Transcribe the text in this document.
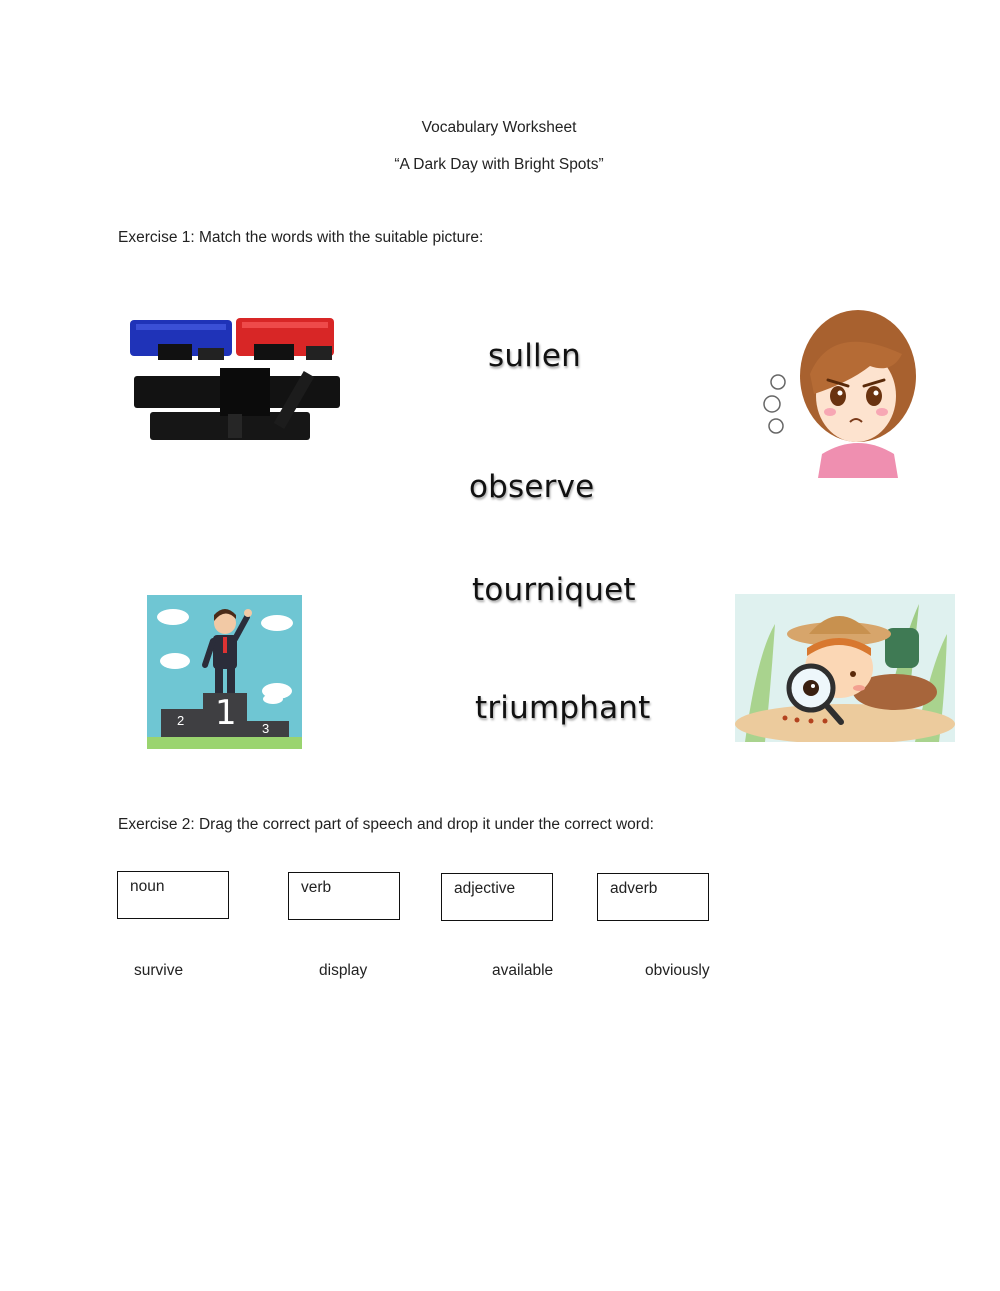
Vocabulary Worksheet
“A Dark Day with Bright Spots”
Exercise 1: Match the words with the suitable picture:
sullen
observe
tourniquet
triumphant
1
2
3
Exercise 2: Drag the correct part of speech and drop it under the correct word:
noun	verb	adjective	adverb
survive	display	available	obviously
